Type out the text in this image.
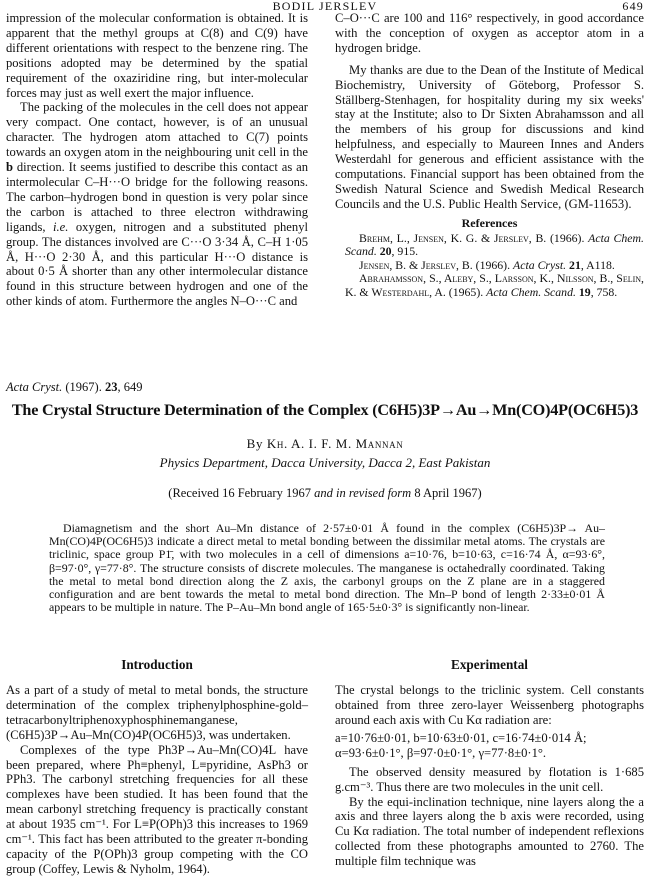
BODIL JERSLEV	649

impression of the molecular conformation is obtained. It is apparent that the methyl groups at C(8) and C(9) have different orientations with respect to the benzene ring. The positions adopted may be determined by the spatial requirement of the oxaziridine ring, but inter-molecular forces may just as well exert the major influence.

The packing of the molecules in the cell does not appear very compact. One contact, however, is of an unusual character. The hydrogen atom attached to C(7) points towards an oxygen atom in the neighbouring unit cell in the b direction. It seems justified to describe this contact as an intermolecular C–H···O bridge for the following reasons. The carbon–hydrogen bond in question is very polar since the carbon is attached to three electron withdrawing ligands, i.e. oxygen, nitrogen and a substituted phenyl group. The distances involved are C···O 3·34 Å, C–H 1·05 Å, H···O 2·30 Å, and this particular H···O distance is about 0·5 Å shorter than any other intermolecular distance found in this structure between hydrogen and one of the other kinds of atom. Furthermore the angles N–O···C and

C–O···C are 100 and 116° respectively, in good accordance with the conception of oxygen as acceptor atom in a hydrogen bridge.

My thanks are due to the Dean of the Institute of Medical Biochemistry, University of Göteborg, Professor S. Ställberg-Stenhagen, for hospitality during my six weeks' stay at the Institute; also to Dr Sixten Abrahamsson and all the members of his group for discussions and kind helpfulness, and especially to Maureen Innes and Anders Westerdahl for generous and efficient assistance with the computations. Financial support has been obtained from the Swedish Natural Science and Swedish Medical Research Councils and the U.S. Public Health Service, (GM-11653).

References

Brehm, L., Jensen, K. G. & Jerslev, B. (1966). Acta Chem. Scand. 20, 915.

Jensen, B. & Jerslev, B. (1966). Acta Cryst. 21, A118.

Abrahamsson, S., Aleby, S., Larsson, K., Nilsson, B., Selin, K. & Westerdahl, A. (1965). Acta Chem. Scand. 19, 758.

Acta Cryst. (1967). 23, 649
The Crystal Structure Determination of the Complex (C6H5)3P→Au→Mn(CO)4P(OC6H5)3
By Kh. A. I. F. M. Mannan
Physics Department, Dacca University, Dacca 2, East Pakistan
(Received 16 February 1967 and in revised form 8 April 1967)

Diamagnetism and the short Au–Mn distance of 2·57±0·01 Å found in the complex (C6H5)3P→ Au–Mn(CO)4P(OC6H5)3 indicate a direct metal to metal bonding between the dissimilar metal atoms. The crystals are triclinic, space group P1̄, with two molecules in a cell of dimensions a=10·76, b=10·63, c=16·74 Å, α=93·6°, β=97·0°, γ=77·8°. The structure consists of discrete molecules. The manganese is octahedrally coordinated. Taking the metal to metal bond direction along the Z axis, the carbonyl groups on the Z plane are in a staggered configuration and are bent towards the metal to metal bond direction. The Mn–P bond of length 2·33±0·01 Å appears to be multiple in nature. The P–Au–Mn bond angle of 165·5±0·3° is significantly non-linear.

Introduction	Experimental

As a part of a study of metal to metal bonds, the structure determination of the complex triphenylphosphine-gold–tetracarbonyltriphenoxyphosphinemanganese, (C6H5)3P→Au–Mn(CO)4P(OC6H5)3, was undertaken.

Complexes of the type Ph3P→Au–Mn(CO)4L have been prepared, where Ph≡phenyl, L≡pyridine, AsPh3 or PPh3. The carbonyl stretching frequencies for all these complexes have been studied. It has been found that the mean carbonyl stretching frequency is practically constant at about 1935 cm⁻¹. For L≡P(OPh)3 this increases to 1969 cm⁻¹. This fact has been attributed to the greater π-bonding capacity of the P(OPh)3 group competing with the CO group (Coffey, Lewis & Nyholm, 1964).

The crystal belongs to the triclinic system. Cell constants obtained from three zero-layer Weissenberg photographs around each axis with Cu Kα radiation are:

a=10·76±0·01, b=10·63±0·01, c=16·74±0·014 Å;
α=93·6±0·1°, β=97·0±0·1°, γ=77·8±0·1°.

The observed density measured by flotation is 1·685 g.cm⁻³. Thus there are two molecules in the unit cell.

By the equi-inclination technique, nine layers along the a axis and three layers along the b axis were recorded, using Cu Kα radiation. The total number of independent reflexions collected from these photographs amounted to 2760. The multiple film technique was
